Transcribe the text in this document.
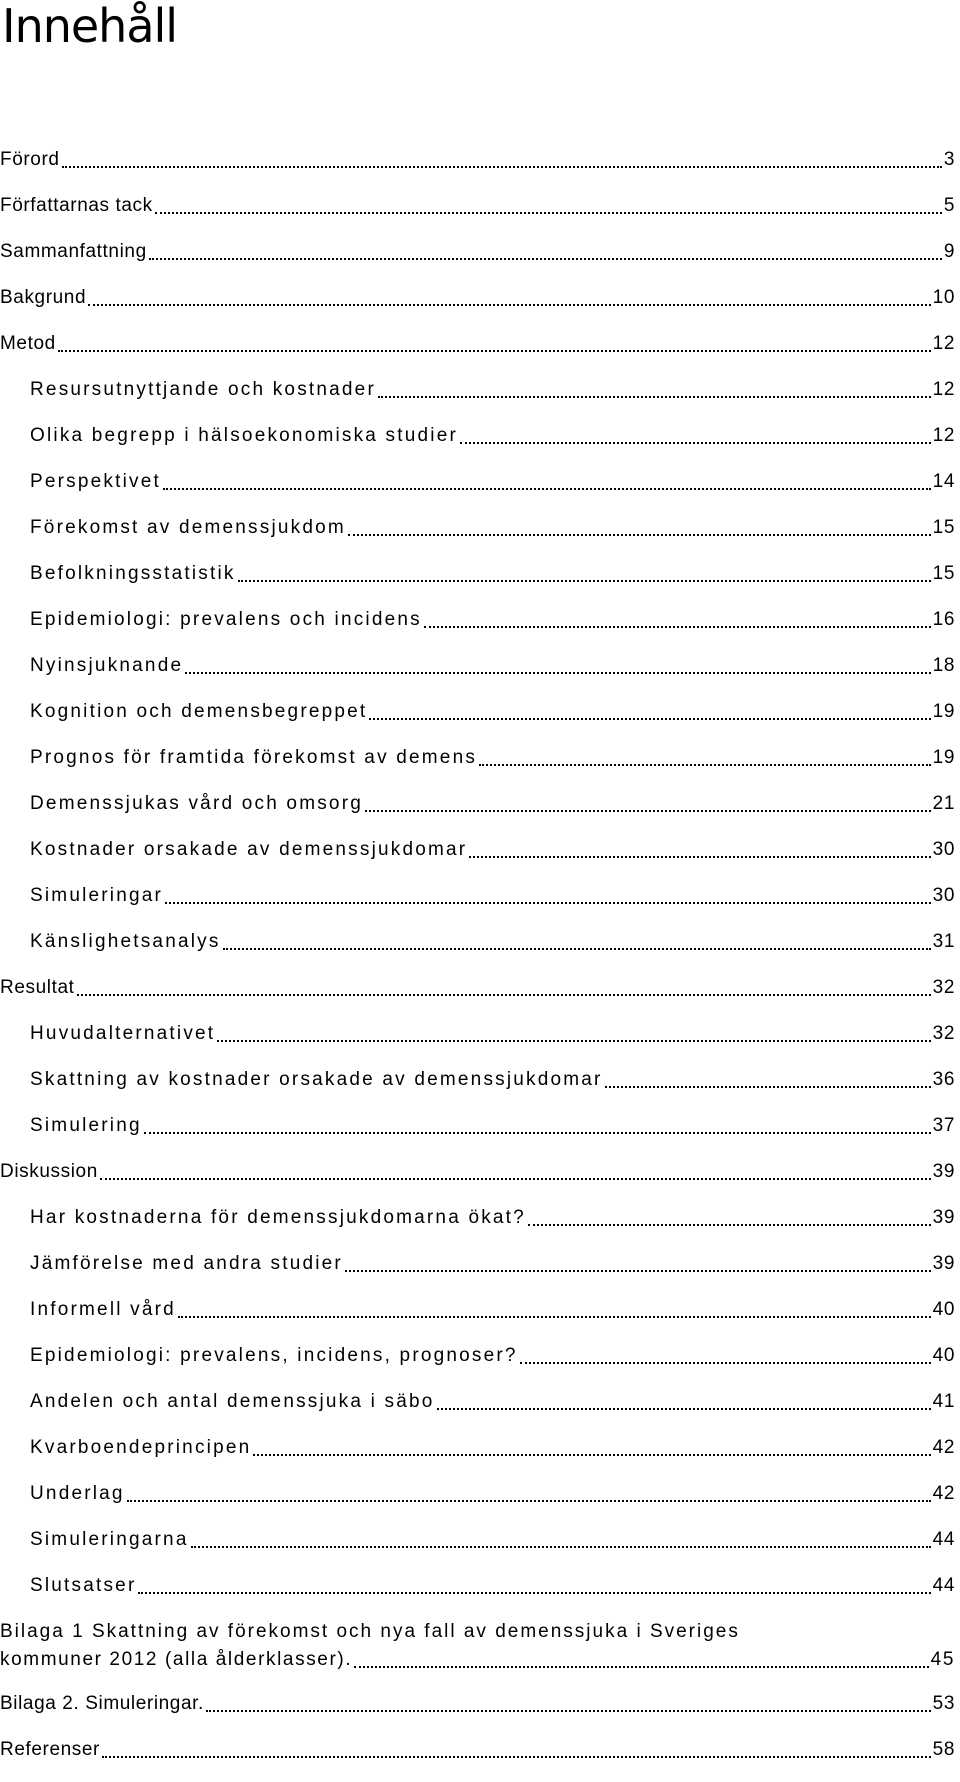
Innehåll
Förord	3
Författarnas tack	5
Sammanfattning	9
Bakgrund	10
Metod	12
Resursutnyttjande och kostnader	12
Olika begrepp i hälsoekonomiska studier	12
Perspektivet	14
Förekomst av demenssjukdom	15
Befolkningsstatistik	15
Epidemiologi: prevalens och incidens	16
Nyinsjuknande	18
Kognition och demensbegreppet	19
Prognos för framtida förekomst av demens	19
Demenssjukas vård och omsorg	21
Kostnader orsakade av demenssjukdomar	30
Simuleringar	30
Känslighetsanalys	31
Resultat	32
Huvudalternativet	32
Skattning av kostnader orsakade av demenssjukdomar	36
Simulering	37
Diskussion	39
Har kostnaderna för demenssjukdomarna ökat?	39
Jämförelse med andra studier	39
Informell vård	40
Epidemiologi: prevalens, incidens, prognoser?	40
Andelen och antal demenssjuka i säbo	41
Kvarboendeprincipen	42
Underlag	42
Simuleringarna	44
Slutsatser	44
Bilaga 1 Skattning av förekomst och nya fall av demenssjuka i Sveriges
kommuner 2012 (alla ålderklasser).	45
Bilaga 2. Simuleringar.	53
Referenser	58
